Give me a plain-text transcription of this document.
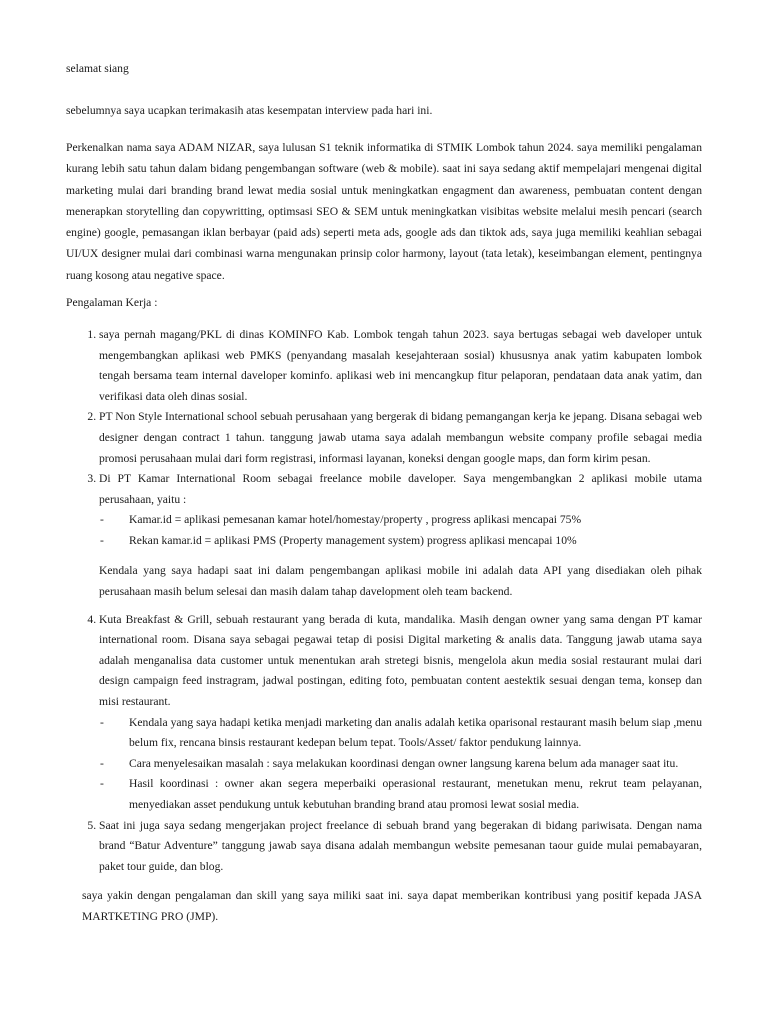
selamat siang

sebelumnya saya ucapkan terimakasih atas kesempatan interview pada hari ini.

Perkenalkan nama saya ADAM NIZAR, saya lulusan S1 teknik informatika di STMIK Lombok tahun 2024. saya memiliki pengalaman kurang lebih satu tahun dalam bidang pengembangan software (web & mobile). saat ini saya sedang aktif mempelajari mengenai digital marketing mulai dari branding brand lewat media sosial untuk meningkatkan engagment dan awareness, pembuatan content dengan menerapkan storytelling dan copywritting, optimsasi SEO & SEM untuk meningkatkan visibitas website melalui mesih pencari (search engine) google, pemasangan iklan berbayar (paid ads) seperti meta ads, google ads dan tiktok ads, saya juga memiliki keahlian sebagai UI/UX designer mulai dari combinasi warna mengunakan prinsip color harmony, layout (tata letak), keseimbangan element, pentingnya ruang kosong atau negative space.

Pengalaman Kerja :

1. saya pernah magang/PKL di dinas KOMINFO Kab. Lombok tengah tahun 2023. saya bertugas sebagai web daveloper untuk mengembangkan aplikasi web PMKS (penyandang masalah kesejahteraan sosial) khususnya anak yatim kabupaten lombok tengah bersama team internal daveloper kominfo. aplikasi web ini mencangkup fitur pelaporan, pendataan data anak yatim, dan verifikasi data oleh dinas sosial.
2. PT Non Style International school sebuah perusahaan yang bergerak di bidang pemangangan kerja ke jepang. Disana sebagai web designer dengan contract 1 tahun. tanggung jawab utama saya adalah membangun website company profile sebagai media promosi perusahaan mulai dari form registrasi, informasi layanan, koneksi dengan google maps, dan form kirim pesan.
3. Di PT Kamar International Room sebagai freelance mobile daveloper. Saya mengembangkan 2 aplikasi mobile utama perusahaan, yaitu :
- Kamar.id = aplikasi pemesanan kamar hotel/homestay/property , progress aplikasi mencapai 75%
- Rekan kamar.id = aplikasi PMS (Property management system) progress aplikasi mencapai 10%

Kendala yang saya hadapi saat ini dalam pengembangan aplikasi mobile ini adalah data API yang disediakan oleh pihak perusahaan masih belum selesai dan masih dalam tahap davelopment oleh team backend.

4. Kuta Breakfast & Grill, sebuah restaurant yang berada di kuta, mandalika. Masih dengan owner yang sama dengan PT kamar international room. Disana saya sebagai pegawai tetap di posisi Digital marketing & analis data. Tanggung jawab utama saya adalah menganalisa data customer untuk menentukan arah stretegi bisnis, mengelola akun media sosial restaurant mulai dari design campaign feed instragram, jadwal postingan, editing foto, pembuatan content aestektik sesuai dengan tema, konsep dan misi restaurant.
- Kendala yang saya hadapi ketika menjadi marketing dan analis adalah ketika oparisonal restaurant masih belum siap ,menu belum fix, rencana binsis restaurant kedepan belum tepat. Tools/Asset/ faktor pendukung lainnya.
- Cara menyelesaikan masalah : saya melakukan koordinasi dengan owner langsung karena belum ada manager saat itu.
- Hasil koordinasi : owner akan segera meperbaiki operasional restaurant, menetukan menu, rekrut team pelayanan, menyediakan asset pendukung untuk kebutuhan branding brand atau promosi lewat sosial media.
5. Saat ini juga saya sedang mengerjakan project freelance di sebuah brand yang begerakan di bidang pariwisata. Dengan nama brand “Batur Adventure” tanggung jawab saya disana adalah membangun website pemesanan taour guide mulai pemabayaran, paket tour guide, dan blog.

saya yakin dengan pengalaman dan skill yang saya miliki saat ini. saya dapat memberikan kontribusi yang positif kepada JASA MARTKETING PRO (JMP).
